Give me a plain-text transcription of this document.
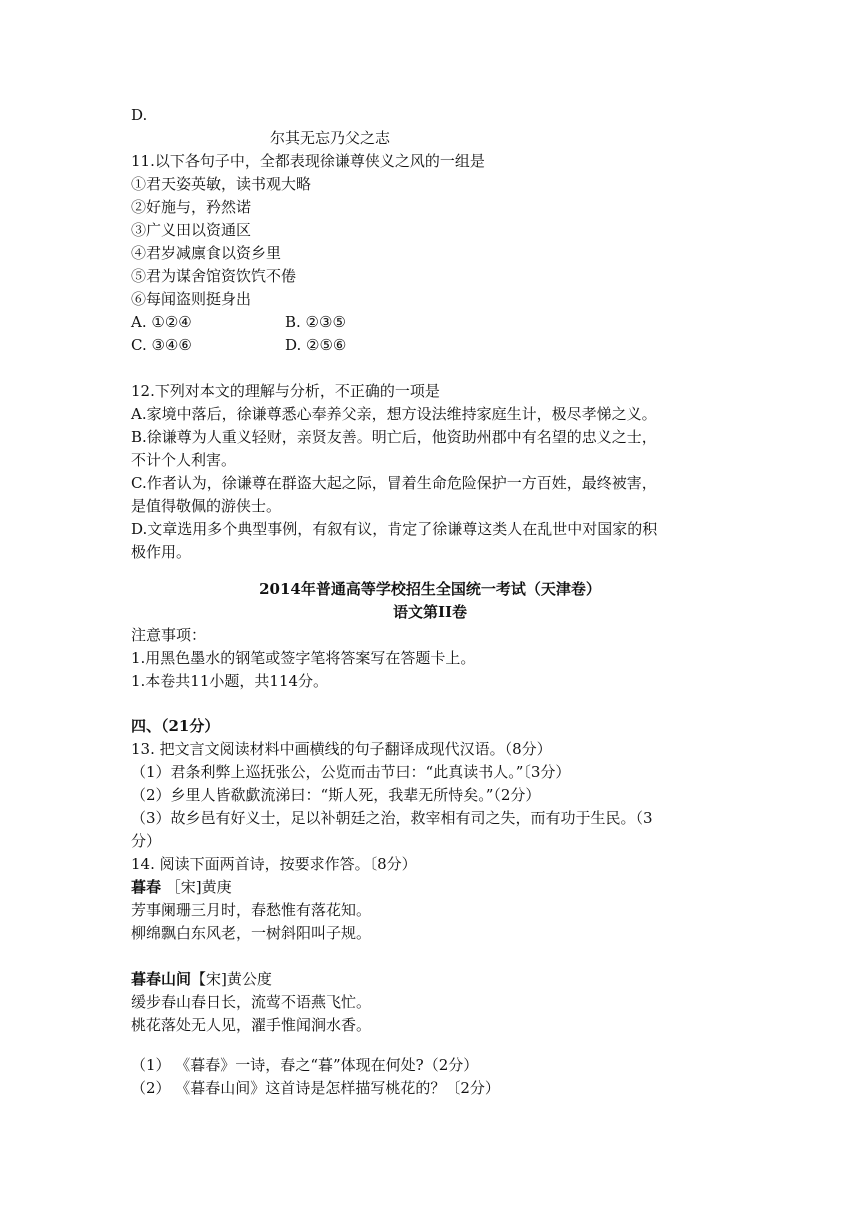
D.
尔其无忘乃父之志
11.以下各句子中，全都表现徐谦尊侠义之风的一组是
①君天姿英敏，读书观大略
②好施与，矜然诺
③广义田以资通区
④君岁减廪食以资乡里
⑤君为谋舍馆资饮饩不倦
⑥每闻盗则挺身出
A. ①②④	B. ②③⑤
C. ③④⑥	D. ②⑤⑥
12.下列对本文的理解与分析，不正确的一项是
A.家境中落后，徐谦尊悉心奉养父亲，想方设法维持家庭生计，极尽孝悌之义。
B.徐谦尊为人重义轻财，亲贤友善。明亡后，他资助州郡中有名望的忠义之士，
不计个人利害。
C.作者认为，徐谦尊在群盗大起之际，冒着生命危险保护一方百姓，最终被害，
是值得敬佩的游侠士。
D.文章选用多个典型事例，有叙有议，肯定了徐谦尊这类人在乱世中对国家的积
极作用。
2014年普通高等学校招生全国统一考试（天津卷）
语文第II卷
注意事项：
1.用黑色墨水的钢笔或签字笔将答案写在答题卡上。
1.本卷共11小题，共114分。
四、（21分）
13. 把文言文阅读材料中画横线的句子翻译成现代汉语。（8分）
（1）君条利弊上巡抚张公，公览而击节曰：“此真读书人。”〔3分）
（2）乡里人皆欷歔流涕曰：“斯人死，我辈无所恃矣。”（2分）
（3）故乡邑有好义士，足以补朝廷之治，救宰相有司之失，而有功于生民。（3
分）
14. 阅读下面两首诗，按要求作答。〔8分）
暮春 ［宋]黄庚
芳事阑珊三月时，春愁惟有落花知。
柳绵飘白东风老，一树斜阳叫子规。
暮春山间【宋]黄公度
缓步春山春日长，流莺不语燕飞忙。
桃花落处无人见，濯手惟闻涧水香。
（1） 《暮春》一诗，春之“暮”体现在何处?（2分）
（2） 《暮春山间》这首诗是怎样描写桃花的？〔2分）
